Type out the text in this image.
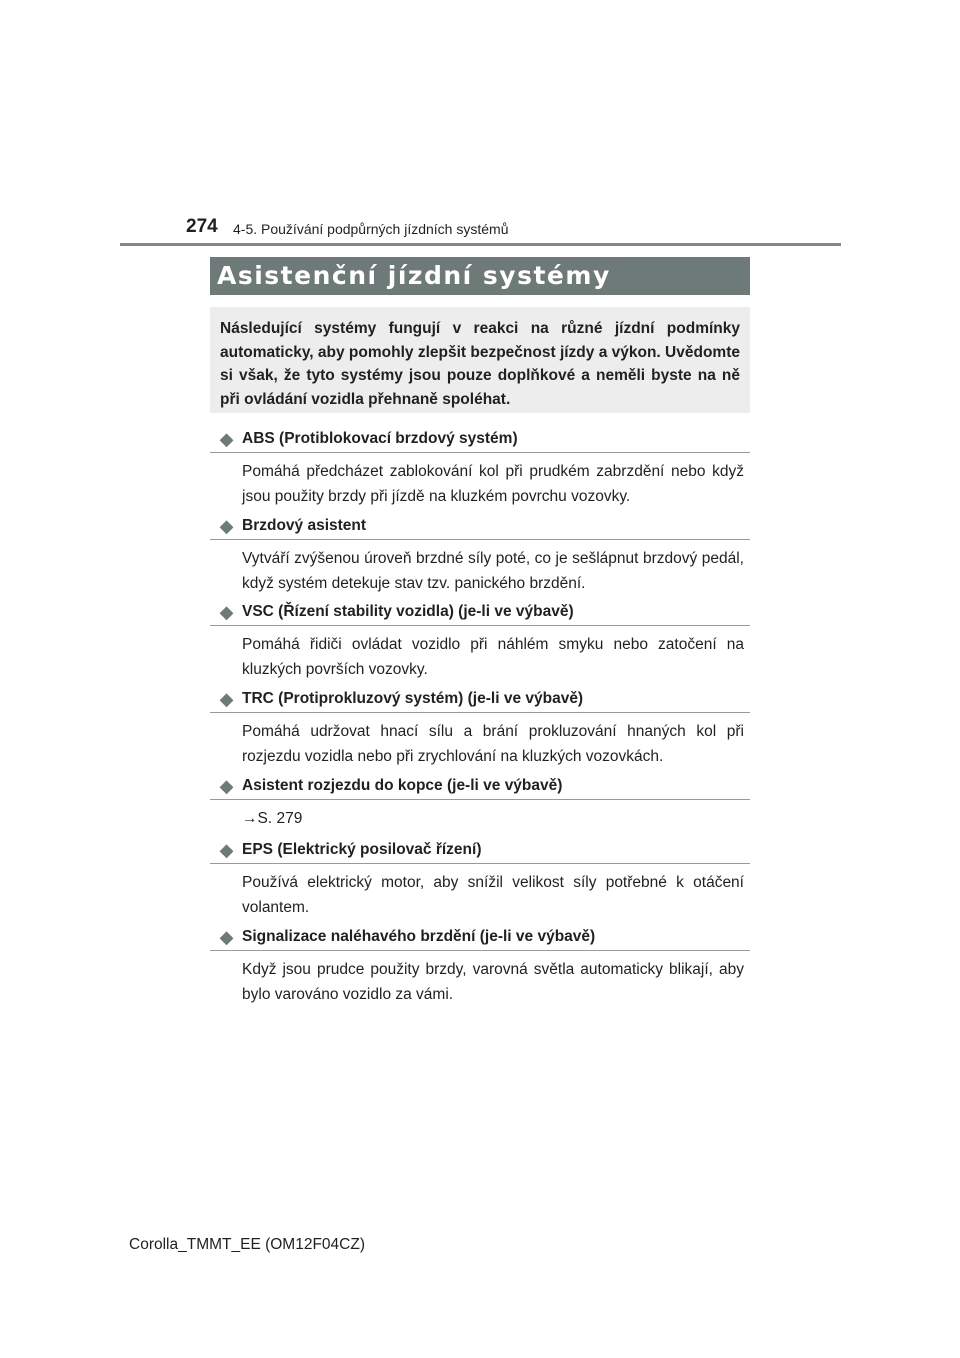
274 4-5. Používání podpůrných jízdních systémů
Asistenční jízdní systémy
Následující systémy fungují v reakci na různé jízdní podmínky automaticky, aby pomohly zlepšit bezpečnost jízdy a výkon. Uvědomte si však, že tyto systémy jsou pouze doplňkové a neměli byste na ně při ovládání vozidla přehnaně spoléhat.
◆ ABS (Protiblokovací brzdový systém)
Pomáhá předcházet zablokování kol při prudkém zabrzdění nebo když jsou použity brzdy při jízdě na kluzkém povrchu vozovky.
◆ Brzdový asistent
Vytváří zvýšenou úroveň brzdné síly poté, co je sešlápnut brzdový pedál, když systém detekuje stav tzv. panického brzdění.
◆ VSC (Řízení stability vozidla) (je-li ve výbavě)
Pomáhá řidiči ovládat vozidlo při náhlém smyku nebo zatočení na kluzkých površích vozovky.
◆ TRC (Protiprokluzový systém) (je-li ve výbavě)
Pomáhá udržovat hnací sílu a brání prokluzování hnaných kol při rozjezdu vozidla nebo při zrychlování na kluzkých vozovkách.
◆ Asistent rozjezdu do kopce (je-li ve výbavě)
→S. 279
◆ EPS (Elektrický posilovač řízení)
Používá elektrický motor, aby snížil velikost síly potřebné k otáčení volantem.
◆ Signalizace naléhavého brzdění (je-li ve výbavě)
Když jsou prudce použity brzdy, varovná světla automaticky blikají, aby bylo varováno vozidlo za vámi.
Corolla_TMMT_EE (OM12F04CZ)
